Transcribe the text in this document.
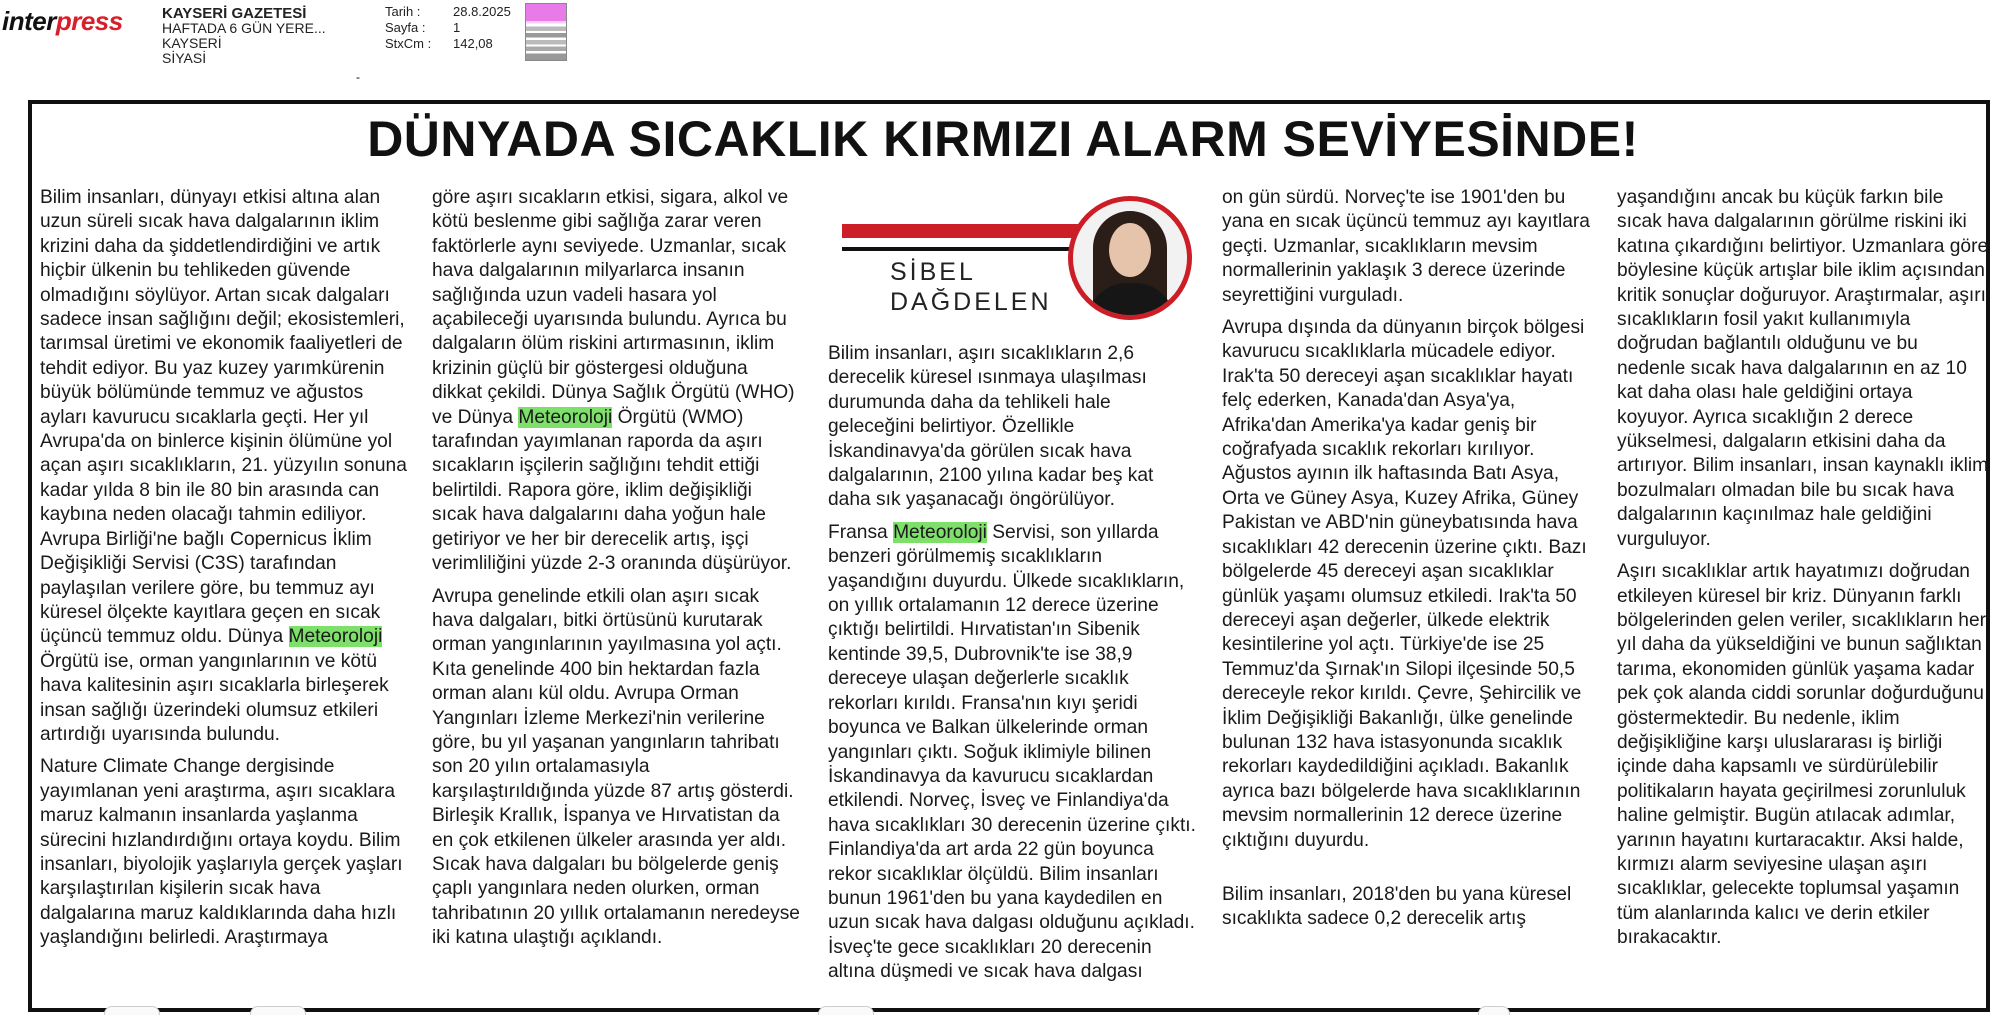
interpress	KAYSERİ GAZETESİ
HAFTADA 6 GÜN YERE...
KAYSERİ
SİYASİ
Tarih :	28.8.2025
Sayfa :	1
StxCm :	142,08
-
DÜNYADA SICAKLIK KIRMIZI ALARM SEVİYESİNDE!

Bilim insanları, dünyayı etkisi altına alan uzun süreli sıcak hava dalgalarının iklim krizini daha da şiddetlendirdiğini ve artık hiçbir ülkenin bu tehlikeden güvende olmadığını söylüyor. Artan sıcak dalgaları sadece insan sağlığını değil; ekosistemleri, tarımsal üretimi ve ekonomik faaliyetleri de tehdit ediyor. Bu yaz kuzey yarımkürenin büyük bölümünde temmuz ve ağustos ayları kavurucu sıcaklarla geçti. Her yıl Avrupa'da on binlerce kişinin ölümüne yol açan aşırı sıcaklıkların, 21. yüzyılın sonuna kadar yılda 8 bin ile 80 bin arasında can kaybına neden olacağı tahmin ediliyor. Avrupa Birliği'ne bağlı Copernicus İklim Değişikliği Servisi (C3S) tarafından paylaşılan verilere göre, bu temmuz ayı küresel ölçekte kayıtlara geçen en sıcak üçüncü temmuz oldu. Dünya Meteoroloji Örgütü ise, orman yangınlarının ve kötü hava kalitesinin aşırı sıcaklarla birleşerek insan sağlığı üzerindeki olumsuz etkileri artırdığı uyarısında bulundu.

Nature Climate Change dergisinde yayımlanan yeni araştırma, aşırı sıcaklara maruz kalmanın insanlarda yaşlanma sürecini hızlandırdığını ortaya koydu. Bilim insanları, biyolojik yaşlarıyla gerçek yaşları karşılaştırılan kişilerin sıcak hava dalgalarına maruz kaldıklarında daha hızlı yaşlandığını belirledi. Araştırmaya

göre aşırı sıcakların etkisi, sigara, alkol ve kötü beslenme gibi sağlığa zarar veren faktörlerle aynı seviyede. Uzmanlar, sıcak hava dalgalarının milyarlarca insanın sağlığında uzun vadeli hasara yol açabileceği uyarısında bulundu. Ayrıca bu dalgaların ölüm riskini artırmasının, iklim krizinin güçlü bir göstergesi olduğuna dikkat çekildi. Dünya Sağlık Örgütü (WHO) ve Dünya Meteoroloji Örgütü (WMO) tarafından yayımlanan raporda da aşırı sıcakların işçilerin sağlığını tehdit ettiği belirtildi. Rapora göre, iklim değişikliği sıcak hava dalgalarını daha yoğun hale getiriyor ve her bir derecelik artış, işçi verimliliğini yüzde 2-3 oranında düşürüyor.

Avrupa genelinde etkili olan aşırı sıcak hava dalgaları, bitki örtüsünü kurutarak orman yangınlarının yayılmasına yol açtı. Kıta genelinde 400 bin hektardan fazla orman alanı kül oldu. Avrupa Orman Yangınları İzleme Merkezi'nin verilerine göre, bu yıl yaşanan yangınların tahribatı son 20 yılın ortalamasıyla karşılaştırıldığında yüzde 87 artış gösterdi. Birleşik Krallık, İspanya ve Hırvatistan da en çok etkilenen ülkeler arasında yer aldı. Sıcak hava dalgaları bu bölgelerde geniş çaplı yangınlara neden olurken, orman tahribatının 20 yıllık ortalamanın neredeyse iki katına ulaştığı açıklandı.

SİBEL
DAĞDELEN

Bilim insanları, aşırı sıcaklıkların 2,6 derecelik küresel ısınmaya ulaşılması durumunda daha da tehlikeli hale geleceğini belirtiyor. Özellikle İskandinavya'da görülen sıcak hava dalgalarının, 2100 yılına kadar beş kat daha sık yaşanacağı öngörülüyor.

Fransa Meteoroloji Servisi, son yıllarda benzeri görülmemiş sıcaklıkların yaşandığını duyurdu. Ülkede sıcaklıkların, on yıllık ortalamanın 12 derece üzerine çıktığı belirtildi. Hırvatistan'ın Sibenik kentinde 39,5, Dubrovnik'te ise 38,9 dereceye ulaşan değerlerle sıcaklık rekorları kırıldı. Fransa'nın kıyı şeridi boyunca ve Balkan ülkelerinde orman yangınları çıktı. Soğuk iklimiyle bilinen İskandinavya da kavurucu sıcaklardan etkilendi. Norveç, İsveç ve Finlandiya'da hava sıcaklıkları 30 derecenin üzerine çıktı. Finlandiya'da art arda 22 gün boyunca rekor sıcaklıklar ölçüldü. Bilim insanları bunun 1961'den bu yana kaydedilen en uzun sıcak hava dalgası olduğunu açıkladı. İsveç'te gece sıcaklıkları 20 derecenin altına düşmedi ve sıcak hava dalgası

on gün sürdü. Norveç'te ise 1901'den bu yana en sıcak üçüncü temmuz ayı kayıtlara geçti. Uzmanlar, sıcaklıkların mevsim normallerinin yaklaşık 3 derece üzerinde seyrettiğini vurguladı.

Avrupa dışında da dünyanın birçok bölgesi kavurucu sıcaklıklarla mücadele ediyor. Irak'ta 50 dereceyi aşan sıcaklıklar hayatı felç ederken, Kanada'dan Asya'ya, Afrika'dan Amerika'ya kadar geniş bir coğrafyada sıcaklık rekorları kırılıyor. Ağustos ayının ilk haftasında Batı Asya, Orta ve Güney Asya, Kuzey Afrika, Güney Pakistan ve ABD'nin güneybatısında hava sıcaklıkları 42 derecenin üzerine çıktı. Bazı bölgelerde 45 dereceyi aşan sıcaklıklar günlük yaşamı olumsuz etkiledi. Irak'ta 50 dereceyi aşan değerler, ülkede elektrik kesintilerine yol açtı. Türkiye'de ise 25 Temmuz'da Şırnak'ın Silopi ilçesinde 50,5 dereceyle rekor kırıldı. Çevre, Şehircilik ve İklim Değişikliği Bakanlığı, ülke genelinde bulunan 132 hava istasyonunda sıcaklık rekorları kaydedildiğini açıkladı. Bakanlık ayrıca bazı bölgelerde hava sıcaklıklarının mevsim normallerinin 12 derece üzerine çıktığını duyurdu.

Bilim insanları, 2018'den bu yana küresel sıcaklıkta sadece 0,2 derecelik artış

yaşandığını ancak bu küçük farkın bile sıcak hava dalgalarının görülme riskini iki katına çıkardığını belirtiyor. Uzmanlara göre böylesine küçük artışlar bile iklim açısından kritik sonuçlar doğuruyor. Araştırmalar, aşırı sıcaklıkların fosil yakıt kullanımıyla doğrudan bağlantılı olduğunu ve bu nedenle sıcak hava dalgalarının en az 10 kat daha olası hale geldiğini ortaya koyuyor. Ayrıca sıcaklığın 2 derece yükselmesi, dalgaların etkisini daha da artırıyor. Bilim insanları, insan kaynaklı iklim bozulmaları olmadan bile bu sıcak hava dalgalarının kaçınılmaz hale geldiğini vurguluyor.

Aşırı sıcaklıklar artık hayatımızı doğrudan etkileyen küresel bir kriz. Dünyanın farklı bölgelerinden gelen veriler, sıcaklıkların her yıl daha da yükseldiğini ve bunun sağlıktan tarıma, ekonomiden günlük yaşama kadar pek çok alanda ciddi sorunlar doğurduğunu göstermektedir. Bu nedenle, iklim değişikliğine karşı uluslararası iş birliği içinde daha kapsamlı ve sürdürülebilir politikaların hayata geçirilmesi zorunluluk haline gelmiştir. Bugün atılacak adımlar, yarının hayatını kurtaracaktır. Aksi halde, kırmızı alarm seviyesine ulaşan aşırı sıcaklıklar, gelecekte toplumsal yaşamın tüm alanlarında kalıcı ve derin etkiler bırakacaktır.
